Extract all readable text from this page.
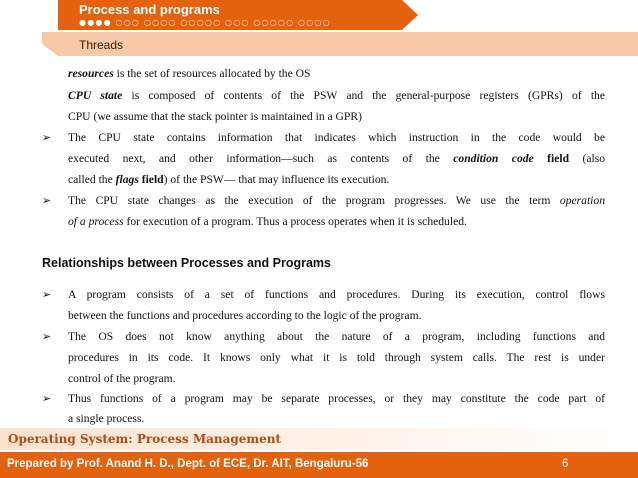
Process and programs
●●●● ○○○ ○○○○ ○○○○○ ○○○ ○○○○○ ○○○○
Threads
resources is the set of resources allocated by the OS
CPU state is composed of contents of the PSW and the general-purpose registers (GPRs) of the
CPU (we assume that the stack pointer is maintained in a GPR)
➢ The CPU state contains information that indicates which instruction in the code would be
executed next, and other information—such as contents of the condition code field (also
called the flags field) of the PSW— that may influence its execution.
➢ The CPU state changes as the execution of the program progresses. We use the term operation
of a process for execution of a program. Thus a process operates when it is scheduled.
Relationships between Processes and Programs
➢ A program consists of a set of functions and procedures. During its execution, control flows
between the functions and procedures according to the logic of the program.
➢ The OS does not know anything about the nature of a program, including functions and
procedures in its code. It knows only what it is told through system calls. The rest is under
control of the program.
➢ Thus functions of a program may be separate processes, or they may constitute the code part of
a single process.
Operating System: Process Management
Prepared by Prof. Anand H. D., Dept. of ECE, Dr. AIT, Bengaluru-56	6
